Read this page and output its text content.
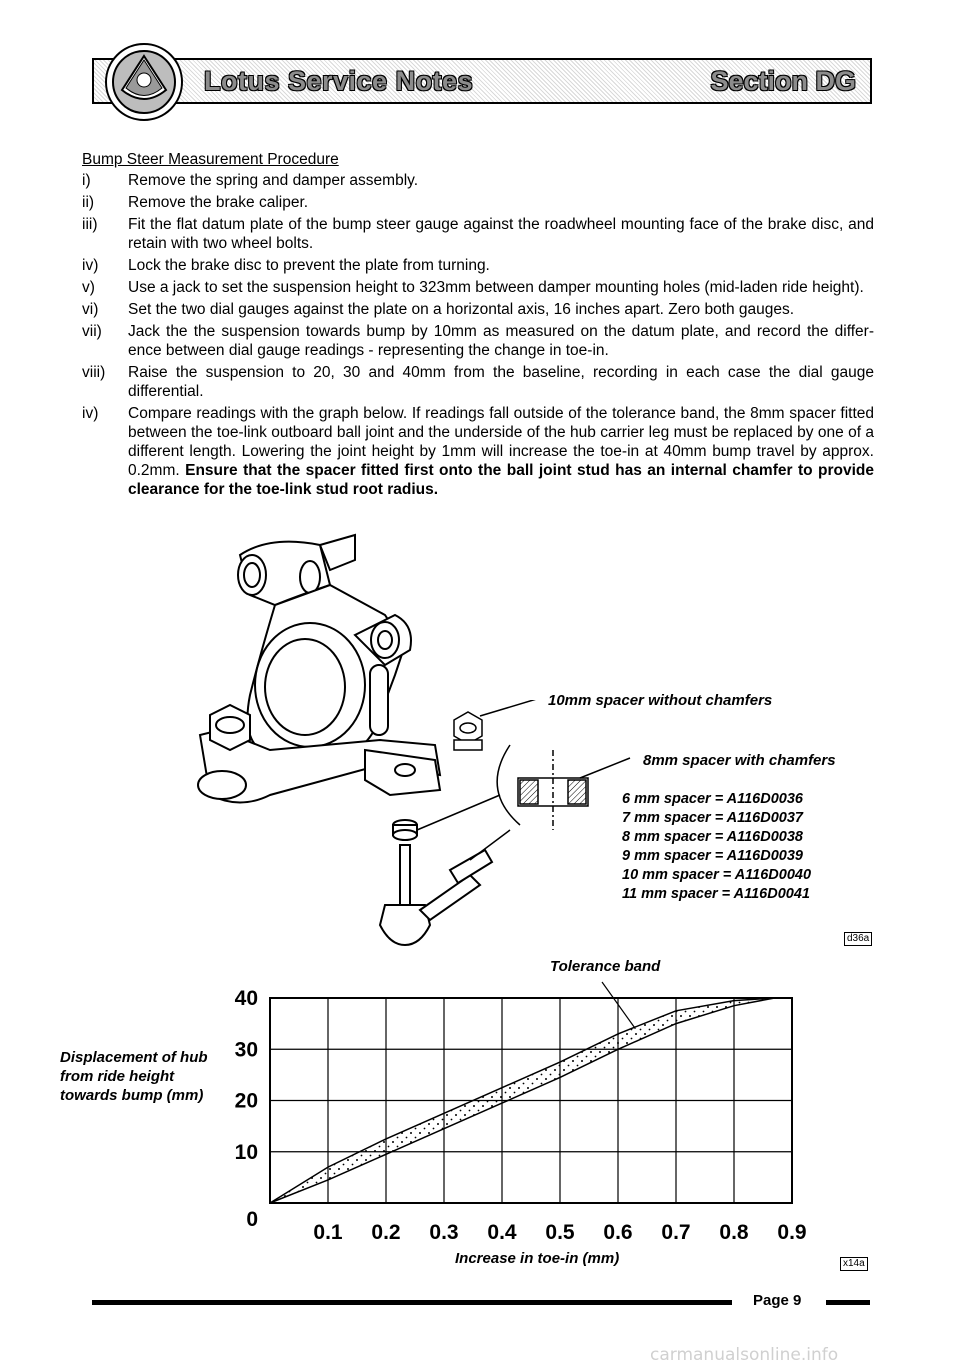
Lotus Service Notes	Section DG
Bump Steer Measurement Procedure
i)	Remove the spring and damper assembly.
ii)	Remove the brake caliper.
iii)	Fit the flat datum plate of the bump steer gauge against the roadwheel mounting face of the brake disc, and retain with two wheel bolts.
iv)	Lock the brake disc to prevent the plate from turning.
v)	Use a jack to set the suspension height to 323mm between damper mounting holes (mid-laden ride height).
vi)	Set the two dial gauges against the plate on a horizontal axis, 16 inches apart. Zero both gauges.
vii)	Jack the the suspension towards bump by 10mm as measured on the datum plate, and record the differ- ence between dial gauge readings - representing the change in toe-in.
viii)	Raise the suspension to 20, 30 and 40mm from the baseline, recording in each case the dial gauge differential.
iv)	Compare readings with the graph below. If readings fall outside of the tolerance band, the 8mm spacer fitted between the toe-link outboard ball joint and the underside of the hub carrier leg must be replaced by one of a different length. Lowering the joint height by 1mm will increase the toe-in at 40mm bump travel by approx. 0.2mm. Ensure that the spacer fitted first onto the ball joint stud has an internal chamfer to provide clearance for the toe-link stud root radius.
10mm spacer without chamfers
8mm spacer with chamfers
6 mm spacer = A116D0036
7 mm spacer = A116D0037
8 mm spacer = A116D0038
9 mm spacer = A116D0039
10 mm spacer = A116D0040
11 mm spacer = A116D0041
d36a
Tolerance band
Displacement of hub from ride height towards bump (mm)
0.1 0.2 0.3 0.4 0.5 0.6 0.7 0.8 0.9
0
10
20
30
40
Increase in toe-in (mm)	x14a
Page 9
carmanualsonline.info
